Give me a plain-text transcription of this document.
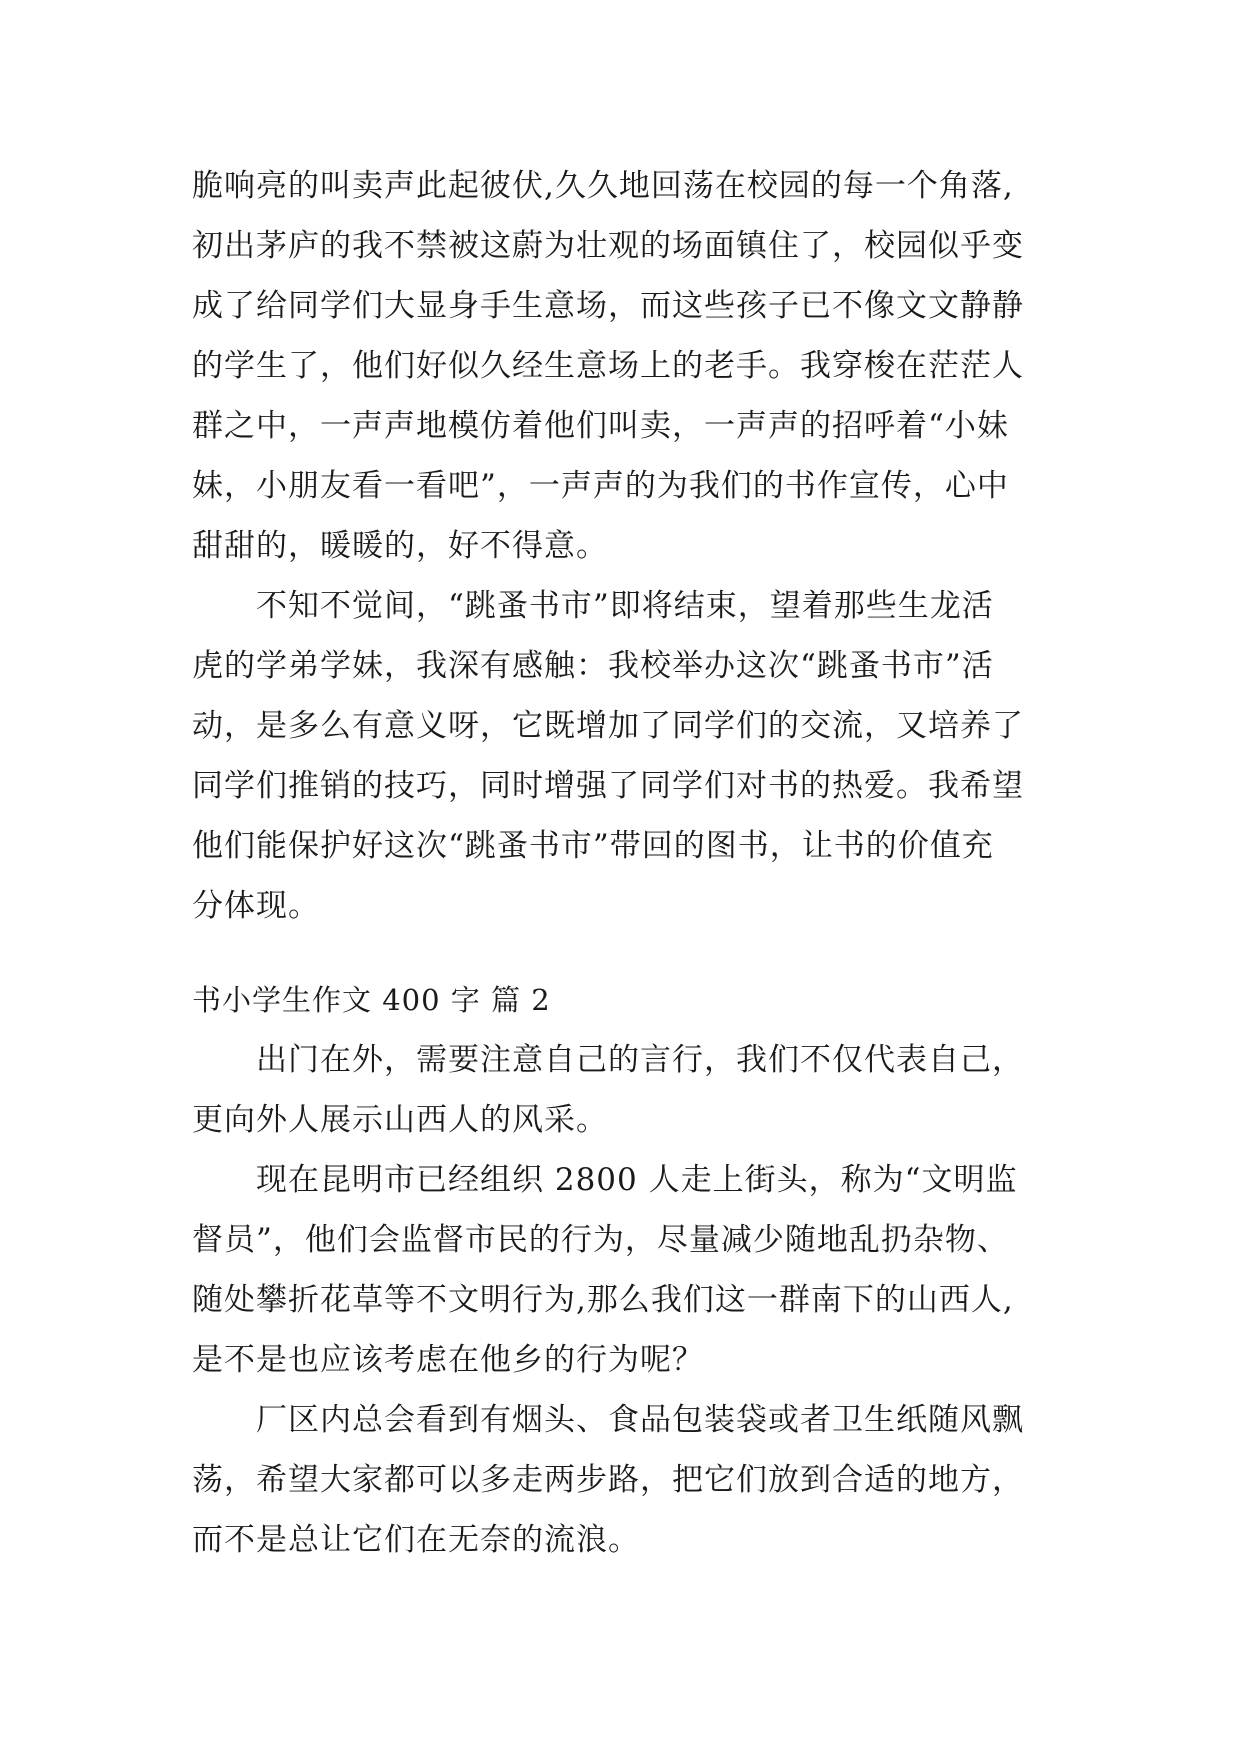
脆响亮的叫卖声此起彼伏,久久地回荡在校园的每一个角落,
初出茅庐的我不禁被这蔚为壮观的场面镇住了，校园似乎变
成了给同学们大显身手生意场，而这些孩子已不像文文静静
的学生了，他们好似久经生意场上的老手。我穿梭在茫茫人
群之中，一声声地模仿着他们叫卖，一声声的招呼着“小妹
妹，小朋友看一看吧”，一声声的为我们的书作宣传，心中
甜甜的，暖暖的，好不得意。
不知不觉间，“跳蚤书市”即将结束，望着那些生龙活
虎的学弟学妹，我深有感触：我校举办这次“跳蚤书市”活
动，是多么有意义呀，它既增加了同学们的交流，又培养了
同学们推销的技巧，同时增强了同学们对书的热爱。我希望
他们能保护好这次“跳蚤书市”带回的图书，让书的价值充
分体现。
书小学生作文 400 字 篇 2
出门在外，需要注意自己的言行，我们不仅代表自己，
更向外人展示山西人的风采。
现在昆明市已经组织 2800 人走上街头，称为“文明监
督员”，他们会监督市民的行为，尽量减少随地乱扔杂物、
随处攀折花草等不文明行为,那么我们这一群南下的山西人,
是不是也应该考虑在他乡的行为呢？
厂区内总会看到有烟头、食品包装袋或者卫生纸随风飘
荡，希望大家都可以多走两步路，把它们放到合适的地方，
而不是总让它们在无奈的流浪。
